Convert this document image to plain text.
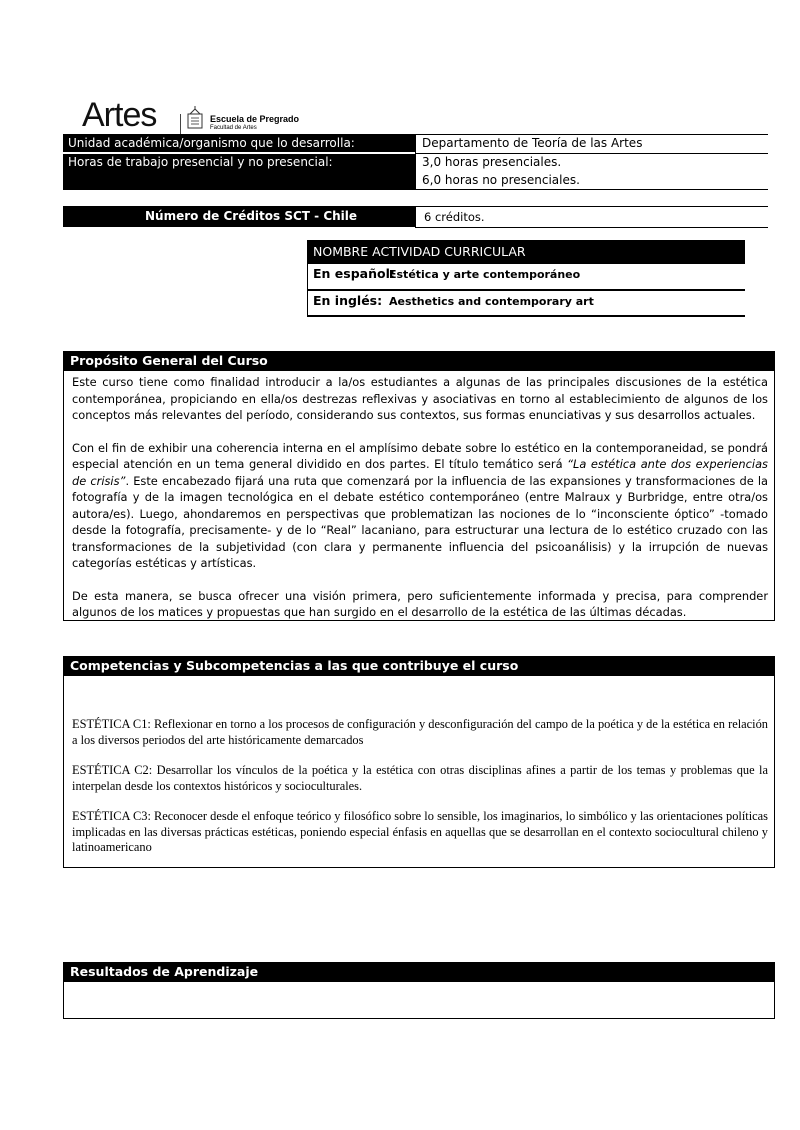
Artes	Escuela de Pregrado
Facultad de Artes
Unidad académica/organismo que lo desarrolla:	Departamento de Teoría de las Artes
Horas de trabajo presencial y no presencial:	3,0 horas presenciales.
6,0 horas no presenciales.
Número de Créditos SCT - Chile	6 créditos.
NOMBRE ACTIVIDAD CURRICULAR
En español:
Estética y arte contemporáneo
En inglés: Aesthetics and contemporary art
Propósito General del Curso

Este curso tiene como finalidad introducir a la/os estudiantes a algunas de las principales discusiones de la estética contemporánea, propiciando en ella/os destrezas reflexivas y asociativas en torno al establecimiento de algunos de los conceptos más relevantes del período, considerando sus contextos, sus formas enunciativas y sus desarrollos actuales.

Con el fin de exhibir una coherencia interna en el amplísimo debate sobre lo estético en la contemporaneidad, se pondrá especial atención en un tema general dividido en dos partes. El título temático será “La estética ante dos experiencias de crisis”. Este encabezado fijará una ruta que comenzará por la influencia de las expansiones y transformaciones de la fotografía y de la imagen tecnológica en el debate estético contemporáneo (entre Malraux y Burbridge, entre otra/os autora/es). Luego, ahondaremos en perspectivas que problematizan las nociones de lo “inconsciente óptico” -tomado desde la fotografía, precisamente- y de lo “Real” lacaniano, para estructurar una lectura de lo estético cruzado con las transformaciones de la subjetividad (con clara y permanente influencia del psicoanálisis) y la irrupción de nuevas categorías estéticas y artísticas.

De esta manera, se busca ofrecer una visión primera, pero suficientemente informada y precisa, para comprender algunos de los matices y propuestas que han surgido en el desarrollo de la estética de las últimas décadas.

Competencias y Subcompetencias a las que contribuye el curso

ESTÉTICA C1: Reflexionar en torno a los procesos de configuración y desconfiguración del campo de la poética y de la estética en relación a los diversos periodos del arte históricamente demarcados

ESTÉTICA C2: Desarrollar los vínculos de la poética y la estética con otras disciplinas afines a partir de los temas y problemas que la interpelan desde los contextos históricos y socioculturales.

ESTÉTICA C3: Reconocer desde el enfoque teórico y filosófico sobre lo sensible, los imaginarios, lo simbólico y las orientaciones políticas implicadas en las diversas prácticas estéticas, poniendo especial énfasis en aquellas que se desarrollan en el contexto sociocultural chileno y latinoamericano

Resultados de Aprendizaje
